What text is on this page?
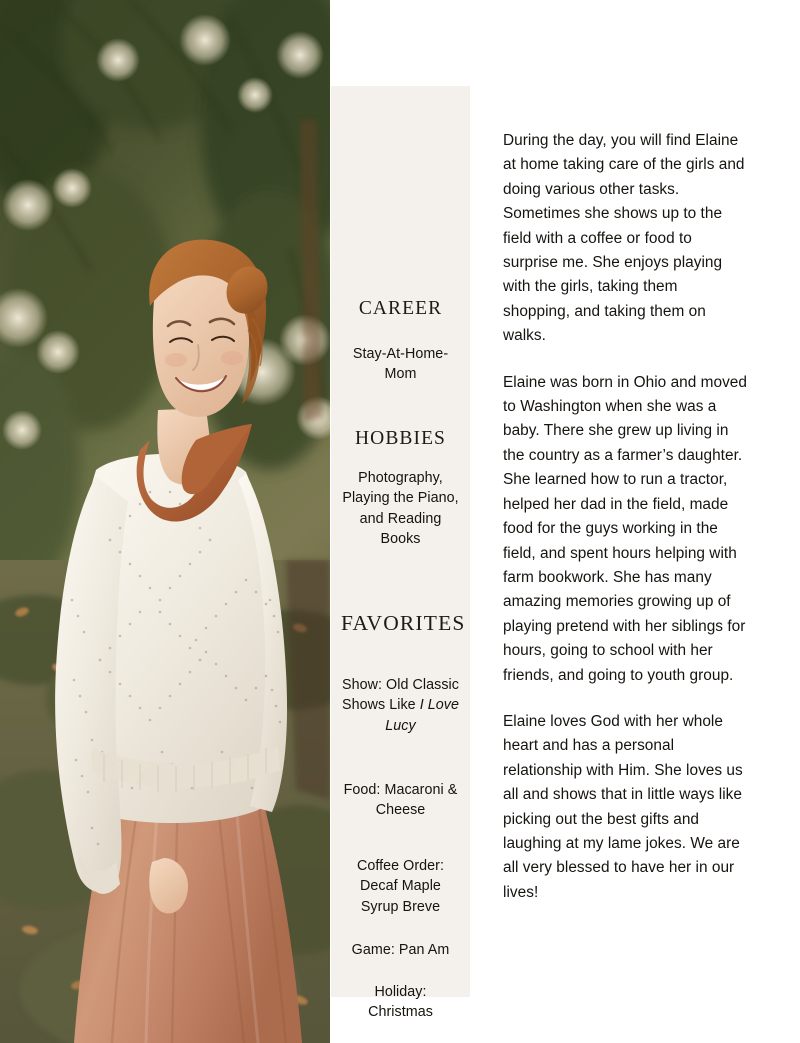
CAREER
Stay-At-Home-Mom
HOBBIES
Photography, Playing the Piano, and Reading Books
FAVORITES
Show: Old Classic Shows Like I Love Lucy
Food: Macaroni & Cheese
Coffee Order: Decaf Maple Syrup Breve
Game: Pan Am
Holiday: Christmas

During the day, you will find Elaine at home taking care of the girls and doing various other tasks. Sometimes she shows up to the field with a coffee or food to surprise me. She enjoys playing with the girls, taking them shopping, and taking them on walks.

Elaine was born in Ohio and moved to Washington when she was a baby. There she grew up living in the country as a farmer’s daughter. She learned how to run a tractor, helped her dad in the field, made food for the guys working in the field, and spent hours helping with farm bookwork. She has many amazing memories growing up of playing pretend with her siblings for hours, going to school with her friends, and going to youth group.

Elaine loves God with her whole heart and has a personal relationship with Him. She loves us all and shows that in little ways like picking out the best gifts and laughing at my lame jokes. We are all very blessed to have her in our lives!
